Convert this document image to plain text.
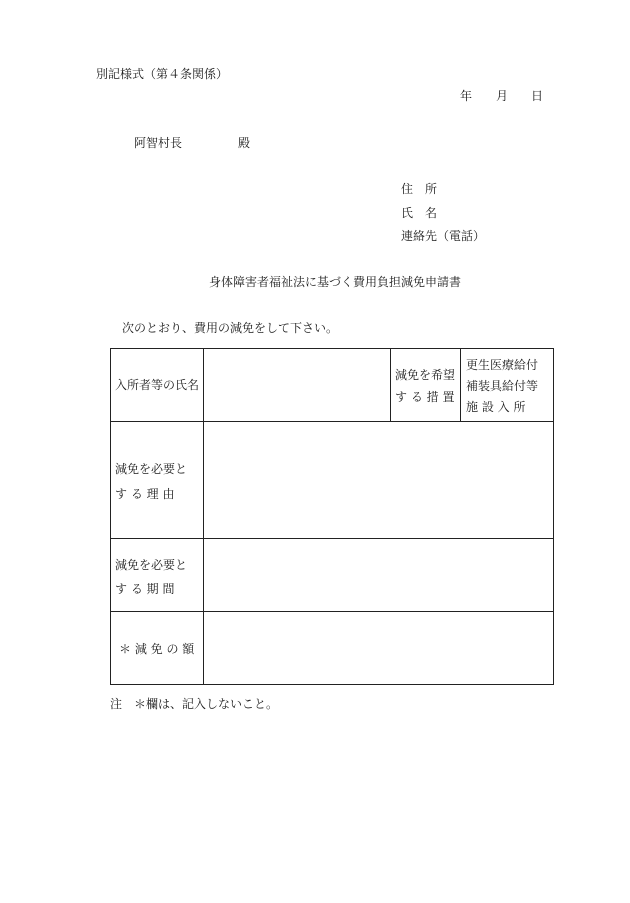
別記様式（第４条関係）
年 月 日
阿智村長	殿
住　所
氏　名
連絡先（電話）
身体障害者福祉法に基づく費用負担減免申請書
次のとおり、費用の減免をして下さい。
入所者等の氏名
減免を希望
す る 措 置
更生医療給付
補装具給付等
施 設 入 所
減免を必要と
す る 理 由
減免を必要と
す る 期 間
＊ 減 免 の 額
注　＊欄は、記入しないこと。
